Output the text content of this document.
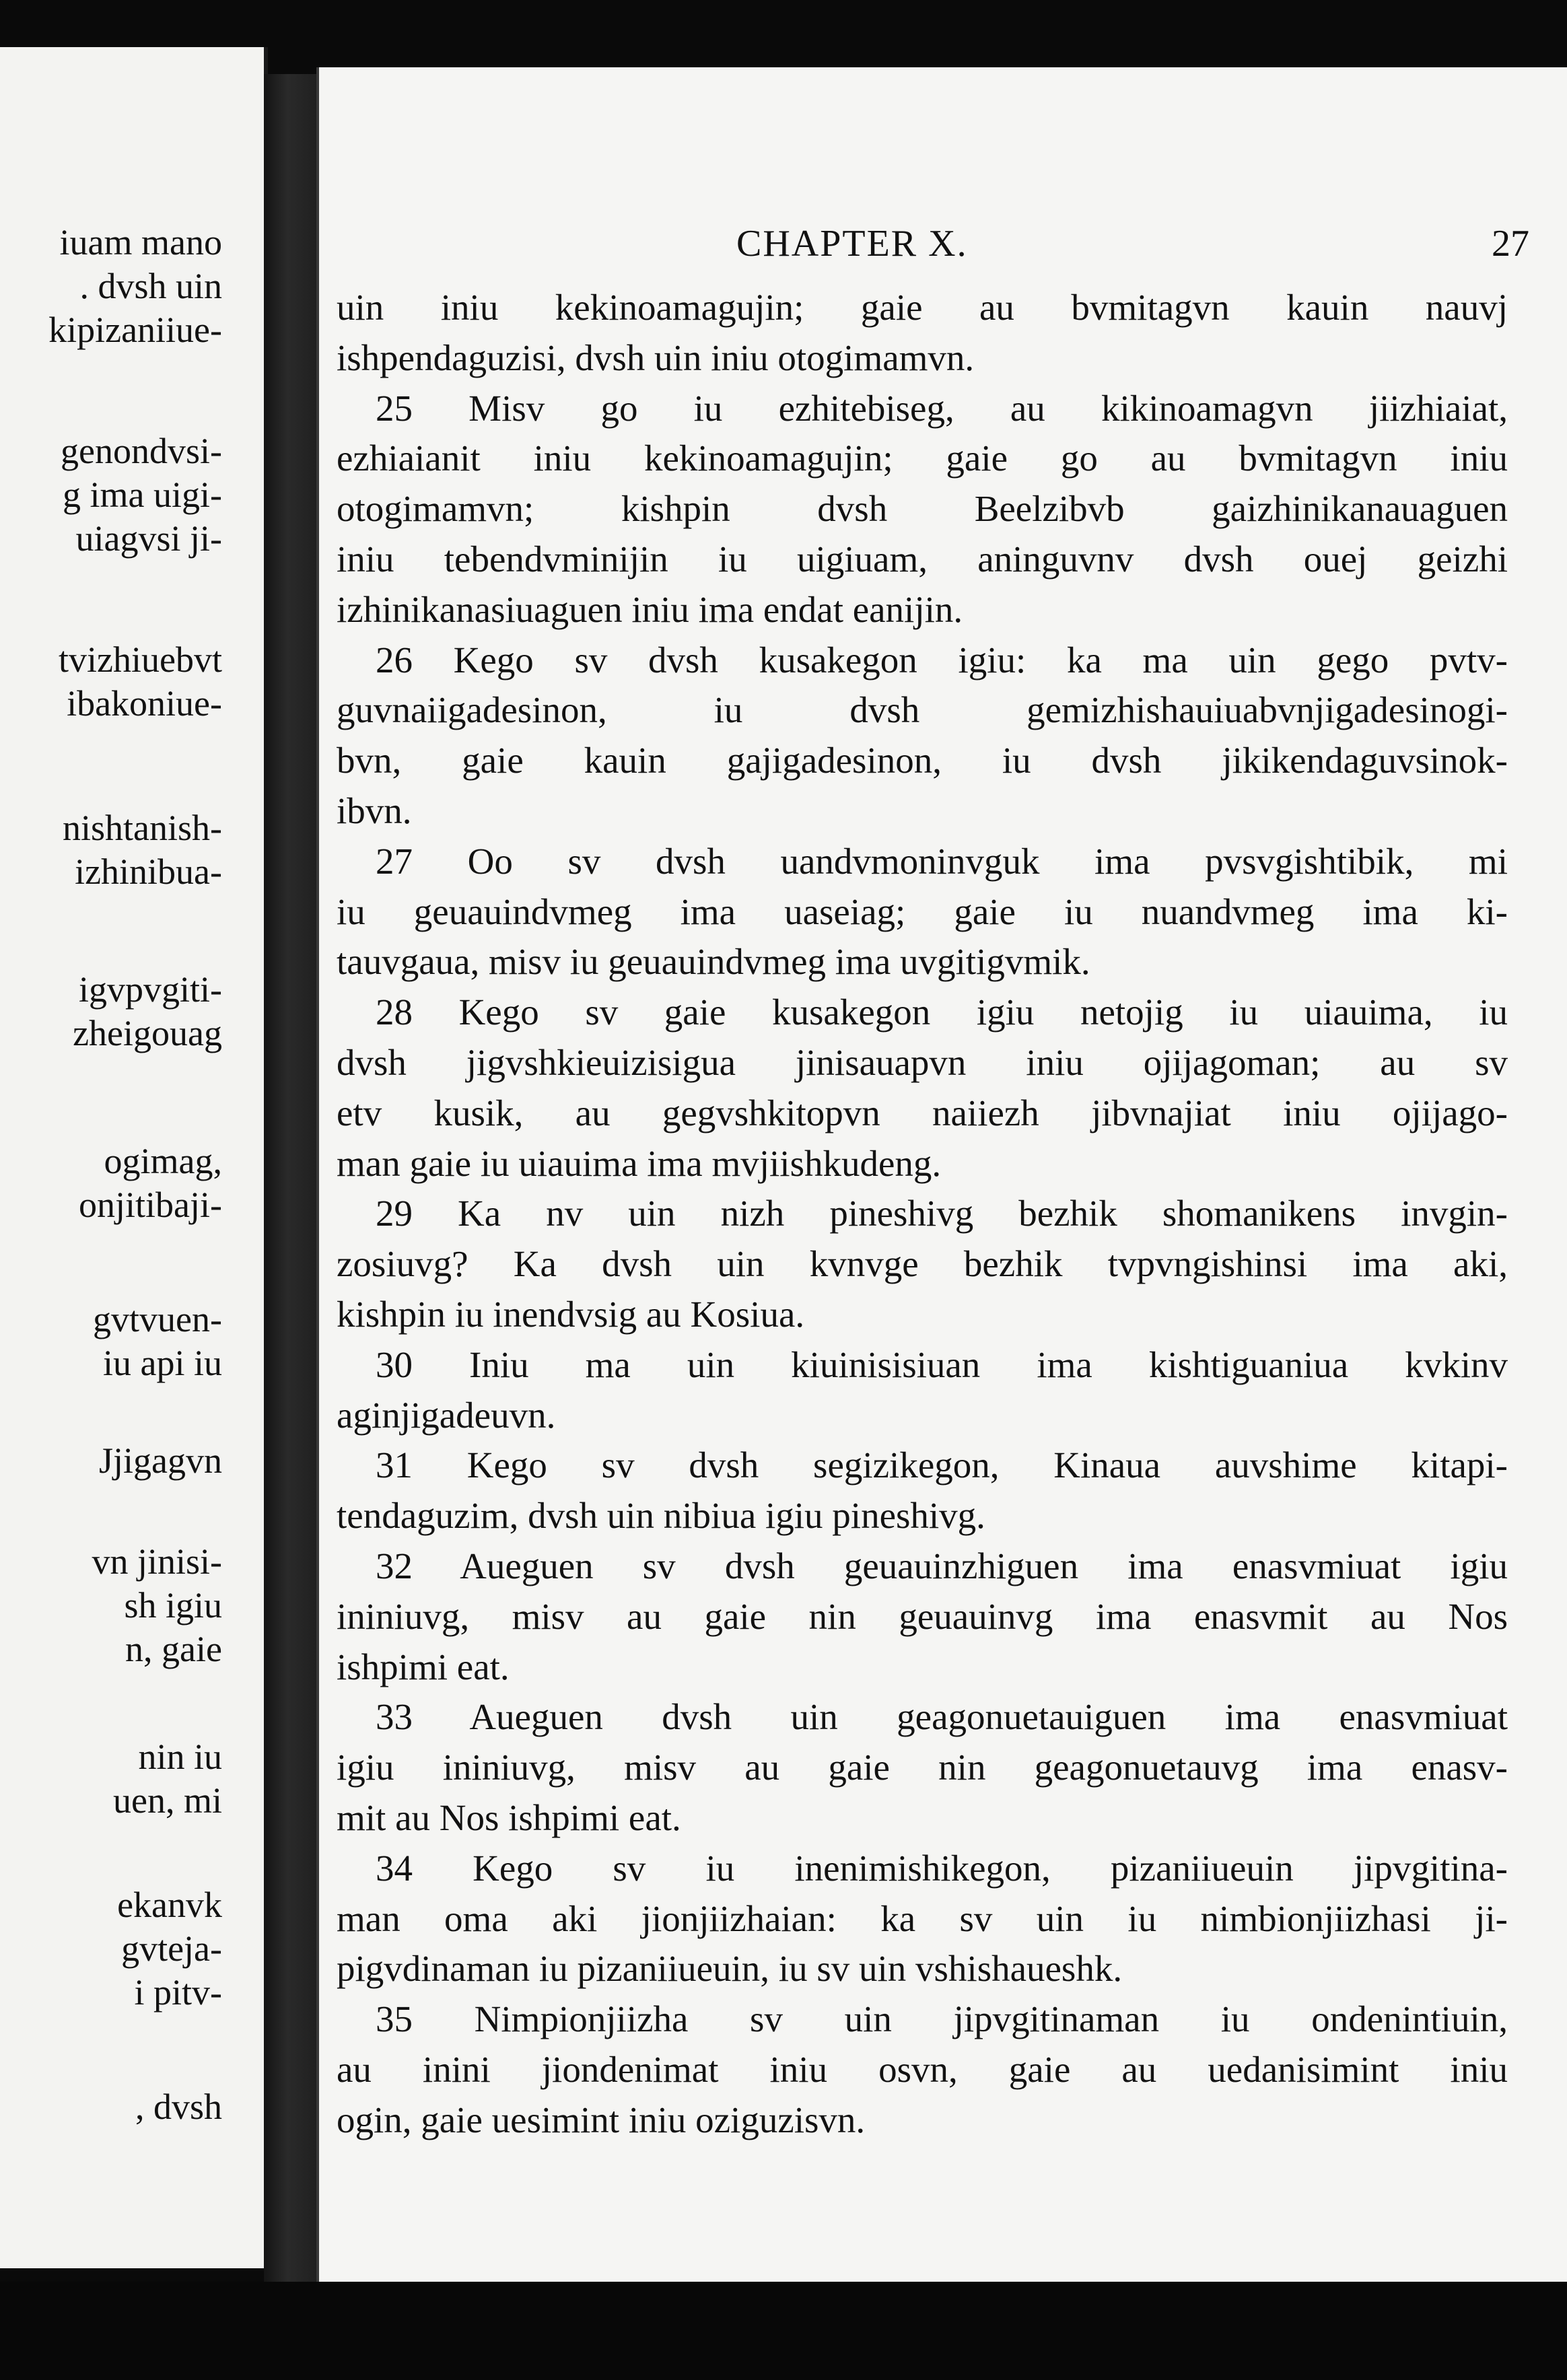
iuam mano
. dvsh uin
kipizaniiue-
genondvsi-
g ima uigi-
uiagvsi ji-
tvizhiuebvt
ibakoniue-
nishtanish-
izhinibua-
igvpvgiti-
zheigouag
ogimag,
onjitibaji-
gvtvuen-
iu api iu
Jjigagvn
vn jinisi-
sh igiu
n, gaie
nin iu
uen, mi
ekanvk
gvteja-
i pitv-
, dvsh
CHAPTER X.	27
uin iniu kekinoamagujin; gaie au bvmitagvn kauin nauvj
ishpendaguzisi, dvsh uin iniu otogimamvn.
25 Misv go iu ezhitebiseg, au kikinoamagvn jiizhiaiat,
ezhiaianit iniu kekinoamagujin; gaie go au bvmitagvn iniu
otogimamvn; kishpin dvsh Beelzibvb gaizhinikanauaguen
iniu tebendvminijin iu uigiuam, aninguvnv dvsh ouej geizhi
izhinikanasiuaguen iniu ima endat eanijin.
26 Kego sv dvsh kusakegon igiu: ka ma uin gego pvtv-
guvnaiigadesinon, iu dvsh gemizhishauiuabvnjigadesinogi-
bvn, gaie kauin gajigadesinon, iu dvsh jikikendaguvsinok-
ibvn.
27 Oo sv dvsh uandvmoninvguk ima pvsvgishtibik, mi
iu geuauindvmeg ima uaseiag; gaie iu nuandvmeg ima ki-
tauvgaua, misv iu geuauindvmeg ima uvgitigvmik.
28 Kego sv gaie kusakegon igiu netojig iu uiauima, iu
dvsh jigvshkieuizisigua jinisauapvn iniu ojijagoman; au sv
etv kusik, au gegvshkitopvn naiiezh jibvnajiat iniu ojijago-
man gaie iu uiauima ima mvjiishkudeng.
29 Ka nv uin nizh pineshivg bezhik shomanikens invgin-
zosiuvg? Ka dvsh uin kvnvge bezhik tvpvngishinsi ima aki,
kishpin iu inendvsig au Kosiua.
30 Iniu ma uin kiuinisisiuan ima kishtiguaniua kvkinv
aginjigadeuvn.
31 Kego sv dvsh segizikegon, Kinaua auvshime kitapi-
tendaguzim, dvsh uin nibiua igiu pineshivg.
32 Aueguen sv dvsh geuauinzhiguen ima enasvmiuat igiu
ininiuvg, misv au gaie nin geuauinvg ima enasvmit au Nos
ishpimi eat.
33 Aueguen dvsh uin geagonuetauiguen ima enasvmiuat
igiu ininiuvg, misv au gaie nin geagonuetauvg ima enasv-
mit au Nos ishpimi eat.
34 Kego sv iu inenimishikegon, pizaniiueuin jipvgitina-
man oma aki jionjiizhaian: ka sv uin iu nimbionjiizhasi ji-
pigvdinaman iu pizaniiueuin, iu sv uin vshishaueshk.
35 Nimpionjiizha sv uin jipvgitinaman iu ondenintiuin,
au inini jiondenimat iniu osvn, gaie au uedanisimint iniu
ogin, gaie uesimint iniu oziguzisvn.
